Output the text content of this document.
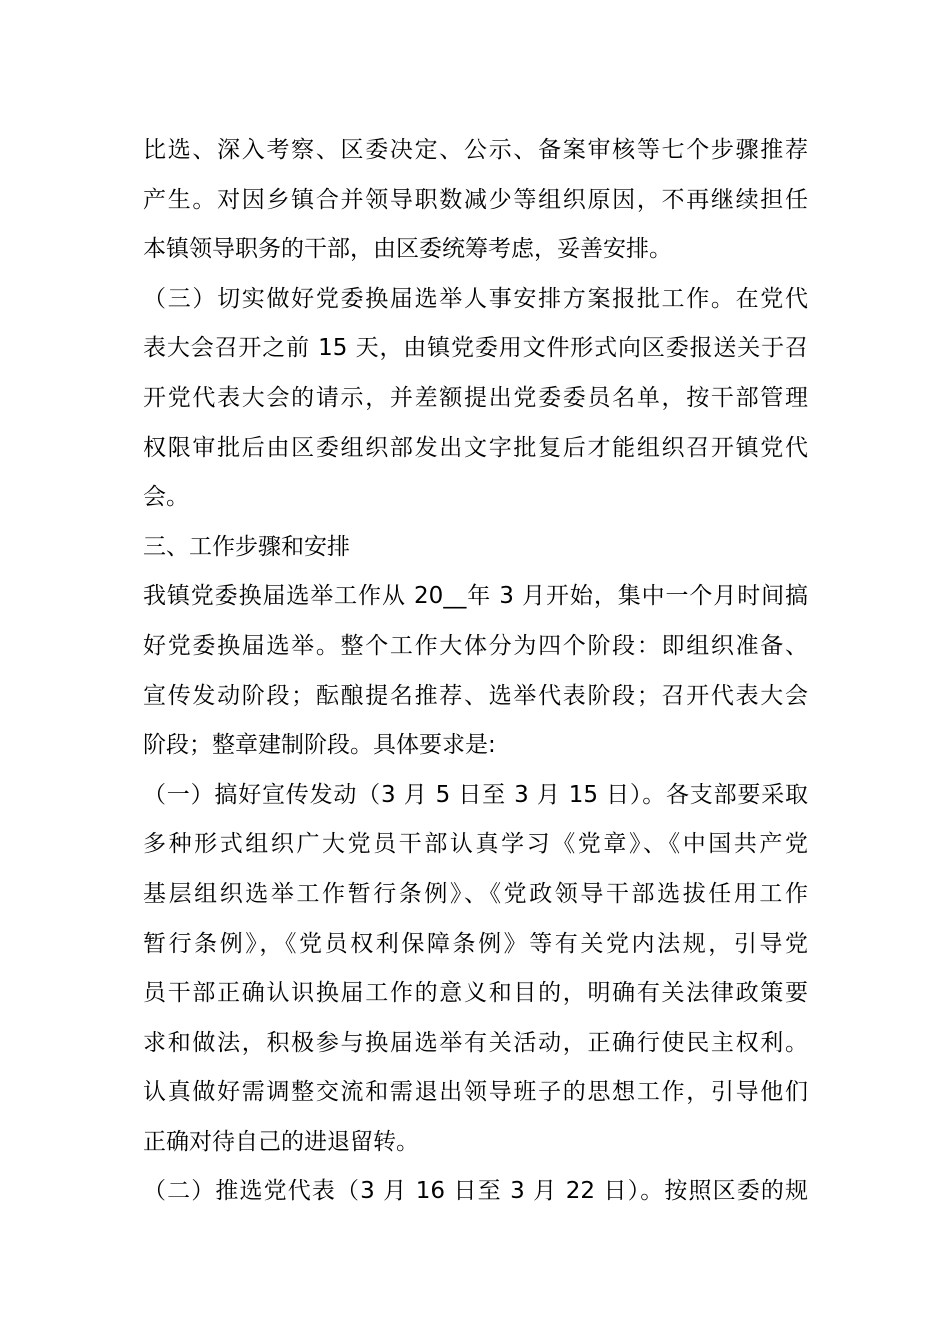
比选、深入考察、区委决定、公示、备案审核等七个步骤推荐
产生。对因乡镇合并领导职数减少等组织原因，不再继续担任
本镇领导职务的干部，由区委统筹考虑，妥善安排。
（三）切实做好党委换届选举人事安排方案报批工作。在党代
表大会召开之前 15 天，由镇党委用文件形式向区委报送关于召
开党代表大会的请示，并差额提出党委委员名单，按干部管理
权限审批后由区委组织部发出文字批复后才能组织召开镇党代
会。
三、工作步骤和安排
我镇党委换届选举工作从 20__年 3 月开始，集中一个月时间搞
好党委换届选举。整个工作大体分为四个阶段：即组织准备、
宣传发动阶段；酝酿提名推荐、选举代表阶段；召开代表大会
阶段；整章建制阶段。具体要求是:
（一）搞好宣传发动（3 月 5 日至 3 月 15 日）。各支部要采取
多种形式组织广大党员干部认真学习《党章》、《中国共产党
基层组织选举工作暂行条例》、《党政领导干部选拔任用工作
暂行条例》，《党员权利保障条例》等有关党内法规，引导党
员干部正确认识换届工作的意义和目的，明确有关法律政策要
求和做法，积极参与换届选举有关活动，正确行使民主权利。
认真做好需调整交流和需退出领导班子的思想工作，引导他们
正确对待自己的进退留转。
（二）推选党代表（3 月 16 日至 3 月 22 日）。按照区委的规
